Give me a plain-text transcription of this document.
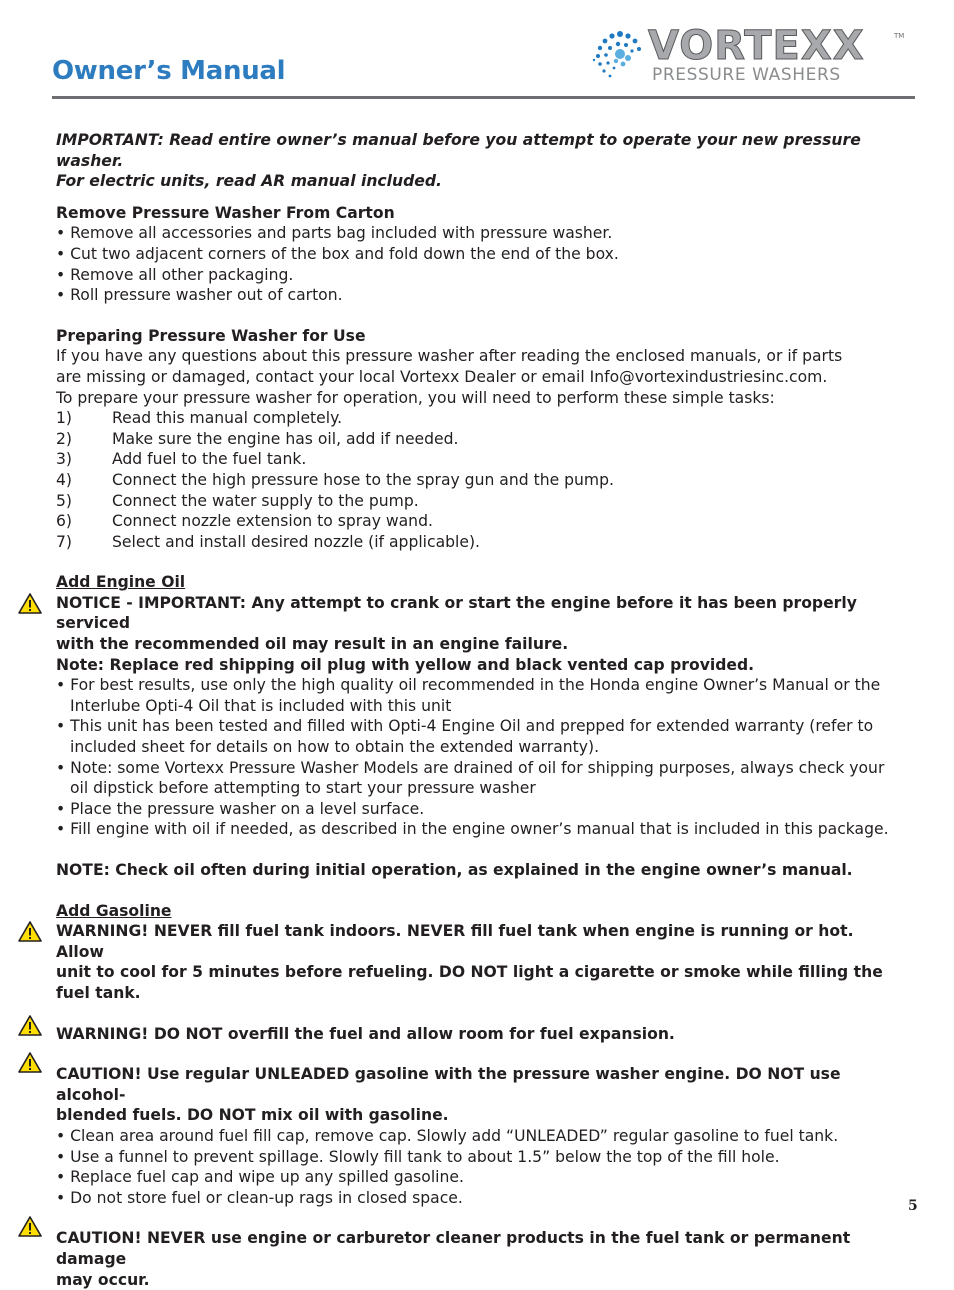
Owner’s Manual
VORTEXX	TM
PRESSURE WASHERS

IMPORTANT: Read entire owner’s manual before you attempt to operate your new pressure washer.

For electric units, read AR manual included.

Remove Pressure Washer From Carton

• Remove all accessories and parts bag included with pressure washer.

• Cut two adjacent corners of the box and fold down the end of the box.

• Remove all other packaging.

• Roll pressure washer out of carton.

Preparing Pressure Washer for Use

If you have any questions about this pressure washer after reading the enclosed manuals, or if parts

are missing or damaged, contact your local Vortexx Dealer or email Info@vortexindustriesinc.com.

To prepare your pressure washer for operation, you will need to perform these simple tasks:

1)	Read this manual completely.
2)	Make sure the engine has oil, add if needed.
3)	Add fuel to the fuel tank.
4)	Connect the high pressure hose to the spray gun and the pump.
5)	Connect the water supply to the pump.
6)	Connect nozzle extension to spray wand.
7)	Select and install desired nozzle (if applicable).

Add Engine Oil

NOTICE - IMPORTANT: Any attempt to crank or start the engine before it has been properly serviced

with the recommended oil may result in an engine failure.

Note: Replace red shipping oil plug with yellow and black vented cap provided.

• For best results, use only the high quality oil recommended in the Honda engine Owner’s Manual or the Interlube Opti-4 Oil that is included with this unit

• This unit has been tested and filled with Opti-4 Engine Oil and prepped for extended warranty (refer to included sheet for details on how to obtain the extended warranty).

• Note: some Vortexx Pressure Washer Models are drained of oil for shipping purposes, always check your oil dipstick before attempting to start your pressure washer

• Place the pressure washer on a level surface.

• Fill engine with oil if needed, as described in the engine owner’s manual that is included in this package.

NOTE: Check oil often during initial operation, as explained in the engine owner’s manual.

Add Gasoline

WARNING! NEVER fill fuel tank indoors. NEVER fill fuel tank when engine is running or hot. Allow

unit to cool for 5 minutes before refueling. DO NOT light a cigarette or smoke while filling the fuel tank.

WARNING! DO NOT overfill the fuel and allow room for fuel expansion.

CAUTION! Use regular UNLEADED gasoline with the pressure washer engine. DO NOT use alcohol-

blended fuels. DO NOT mix oil with gasoline.

• Clean area around fuel fill cap, remove cap. Slowly add “UNLEADED” regular gasoline to fuel tank.

• Use a funnel to prevent spillage. Slowly fill tank to about 1.5” below the top of the fill hole.

• Replace fuel cap and wipe up any spilled gasoline.

• Do not store fuel or clean-up rags in closed space.

CAUTION! NEVER use engine or carburetor cleaner products in the fuel tank or permanent damage

may occur.

5
